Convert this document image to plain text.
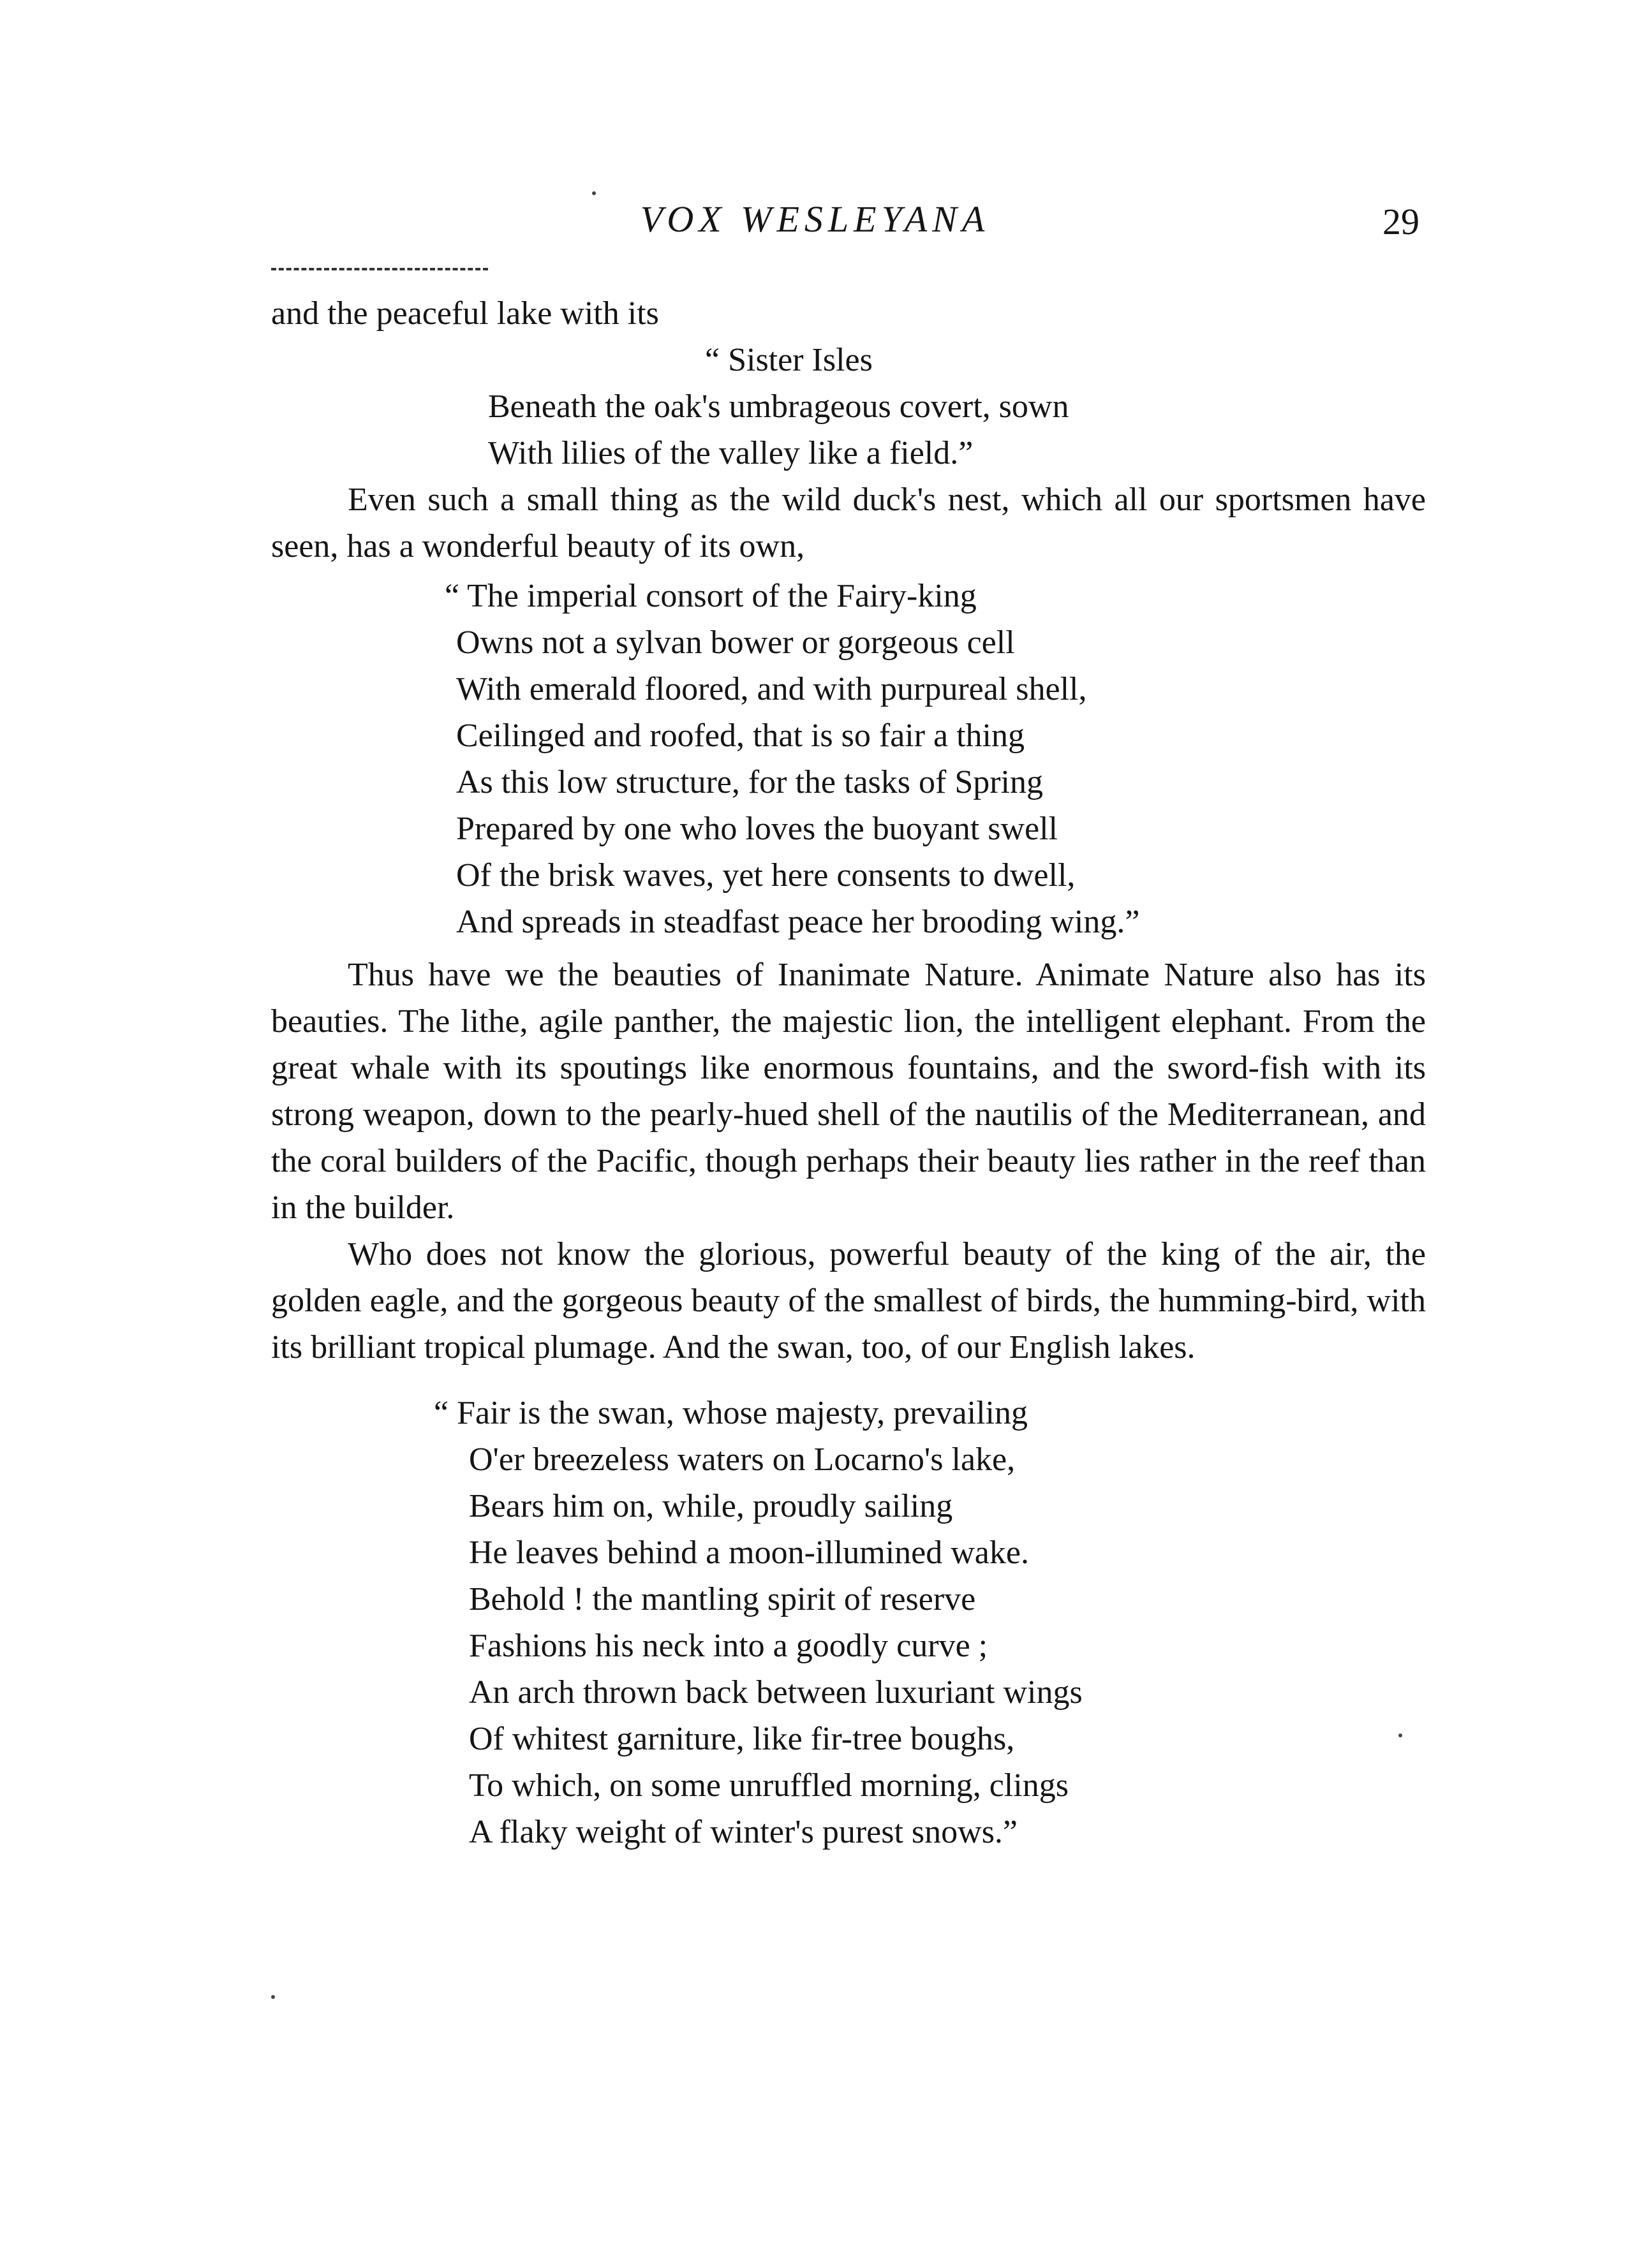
VOX WESLEYANA	29

and the peaceful lake with its

“ Sister Isles
Beneath the oak's umbrageous covert, sown
With lilies of the valley like a field.”

Even such a small thing as the wild duck's nest, which all our sportsmen have seen, has a wonderful beauty of its own,

“ The imperial consort of the Fairy-king
Owns not a sylvan bower or gorgeous cell
With emerald floored, and with purpureal shell,
Ceilinged and roofed, that is so fair a thing
As this low structure, for the tasks of Spring
Prepared by one who loves the buoyant swell
Of the brisk waves, yet here consents to dwell,
And spreads in steadfast peace her brooding wing.”

Thus have we the beauties of Inanimate Nature. Animate Nature also has its beauties. The lithe, agile panther, the majestic lion, the intelligent elephant. From the great whale with its spoutings like enormous fountains, and the sword-fish with its strong weapon, down to the pearly-hued shell of the nautilis of the Mediterranean, and the coral builders of the Pacific, though perhaps their beauty lies rather in the reef than in the builder.

Who does not know the glorious, powerful beauty of the king of the air, the golden eagle, and the gorgeous beauty of the smallest of birds, the humming-bird, with its brilliant tropical plumage. And the swan, too, of our English lakes.

“ Fair is the swan, whose majesty, prevailing
O'er breezeless waters on Locarno's lake,
Bears him on, while, proudly sailing
He leaves behind a moon-illumined wake.
Behold ! the mantling spirit of reserve
Fashions his neck into a goodly curve ;
An arch thrown back between luxuriant wings
Of whitest garniture, like fir-tree boughs,
To which, on some unruffled morning, clings
A flaky weight of winter's purest snows.”
